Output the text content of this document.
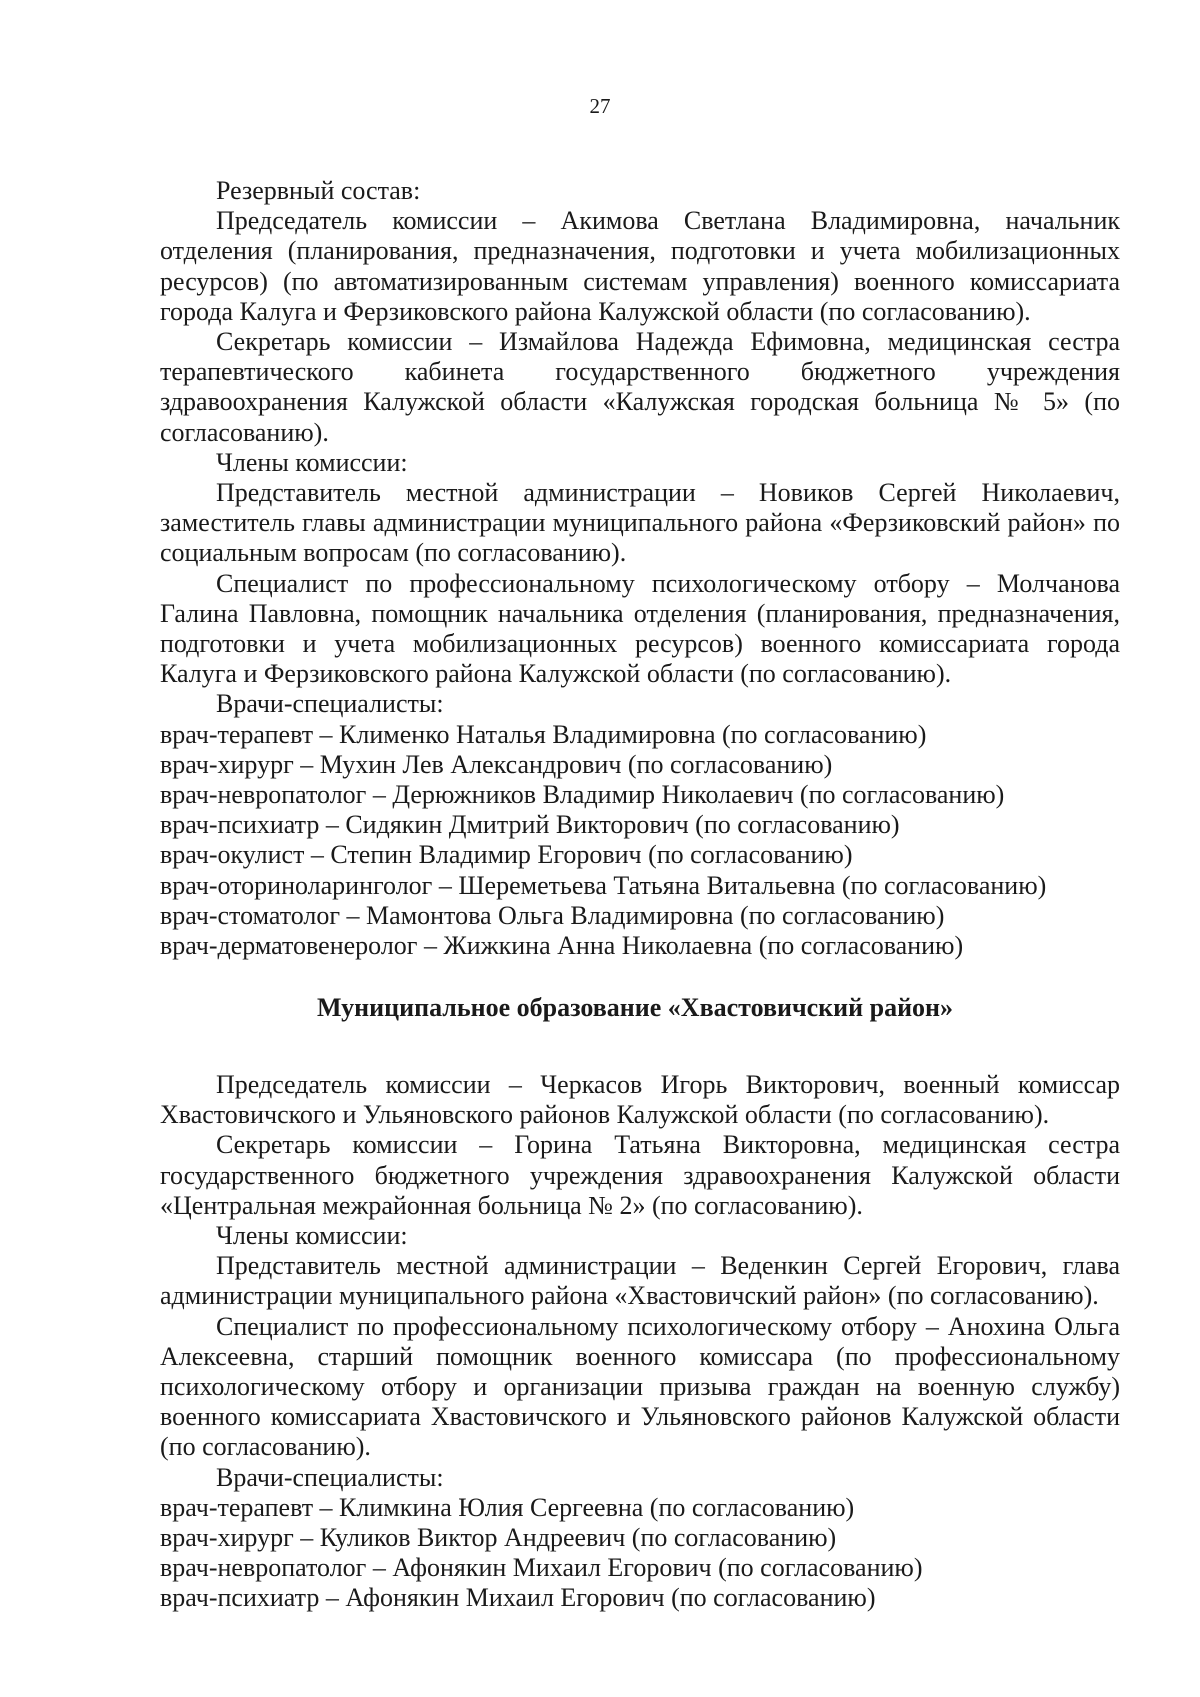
27

Резервный состав:

Председатель комиссии – Акимова Светлана Владимировна, начальник отделения (планирования, предназначения, подготовки и учета мобилизационных ресурсов) (по автоматизированным системам управления) военного комиссариата города Калуга и Ферзиковского района Калужской области (по согласованию).

Секретарь комиссии – Измайлова Надежда Ефимовна, медицинская сестра терапевтического кабинета государственного бюджетного учреждения здравоохранения Калужской области «Калужская городская больница № 5» (по согласованию).

Члены комиссии:

Представитель местной администрации – Новиков Сергей Николаевич, заместитель главы администрации муниципального района «Ферзиковский район» по социальным вопросам (по согласованию).

Специалист по профессиональному психологическому отбору – Молчанова Галина Павловна, помощник начальника отделения (планирования, предназначения, подготовки и учета мобилизационных ресурсов) военного комиссариата города Калуга и Ферзиковского района Калужской области (по согласованию).

Врачи-специалисты:

врач-терапевт – Клименко Наталья Владимировна (по согласованию)

врач-хирург – Мухин Лев Александрович (по согласованию)

врач-невропатолог – Дерюжников Владимир Николаевич (по согласованию)

врач-психиатр – Сидякин Дмитрий Викторович (по согласованию)

врач-окулист – Степин Владимир Егорович (по согласованию)

врач-оториноларинголог – Шереметьева Татьяна Витальевна (по согласованию)

врач-стоматолог – Мамонтова Ольга Владимировна (по согласованию)

врач-дерматовенеролог – Жижкина Анна Николаевна (по согласованию)

Муниципальное образование «Хвастовичский район»

Председатель комиссии – Черкасов Игорь Викторович, военный комиссар Хвастовичского и Ульяновского районов Калужской области (по согласованию).

Секретарь комиссии – Горина Татьяна Викторовна, медицинская сестра государственного бюджетного учреждения здравоохранения Калужской области «Центральная межрайонная больница № 2» (по согласованию).

Члены комиссии:

Представитель местной администрации – Веденкин Сергей Егорович, глава администрации муниципального района «Хвастовичский район» (по согласованию).

Специалист по профессиональному психологическому отбору – Анохина Ольга Алексеевна, старший помощник военного комиссара (по профессиональному психологическому отбору и организации призыва граждан на военную службу) военного комиссариата Хвастовичского и Ульяновского районов Калужской области (по согласованию).

Врачи-специалисты:

врач-терапевт – Климкина Юлия Сергеевна (по согласованию)

врач-хирург – Куликов Виктор Андреевич (по согласованию)

врач-невропатолог – Афонякин Михаил Егорович (по согласованию)

врач-психиатр – Афонякин Михаил Егорович (по согласованию)
